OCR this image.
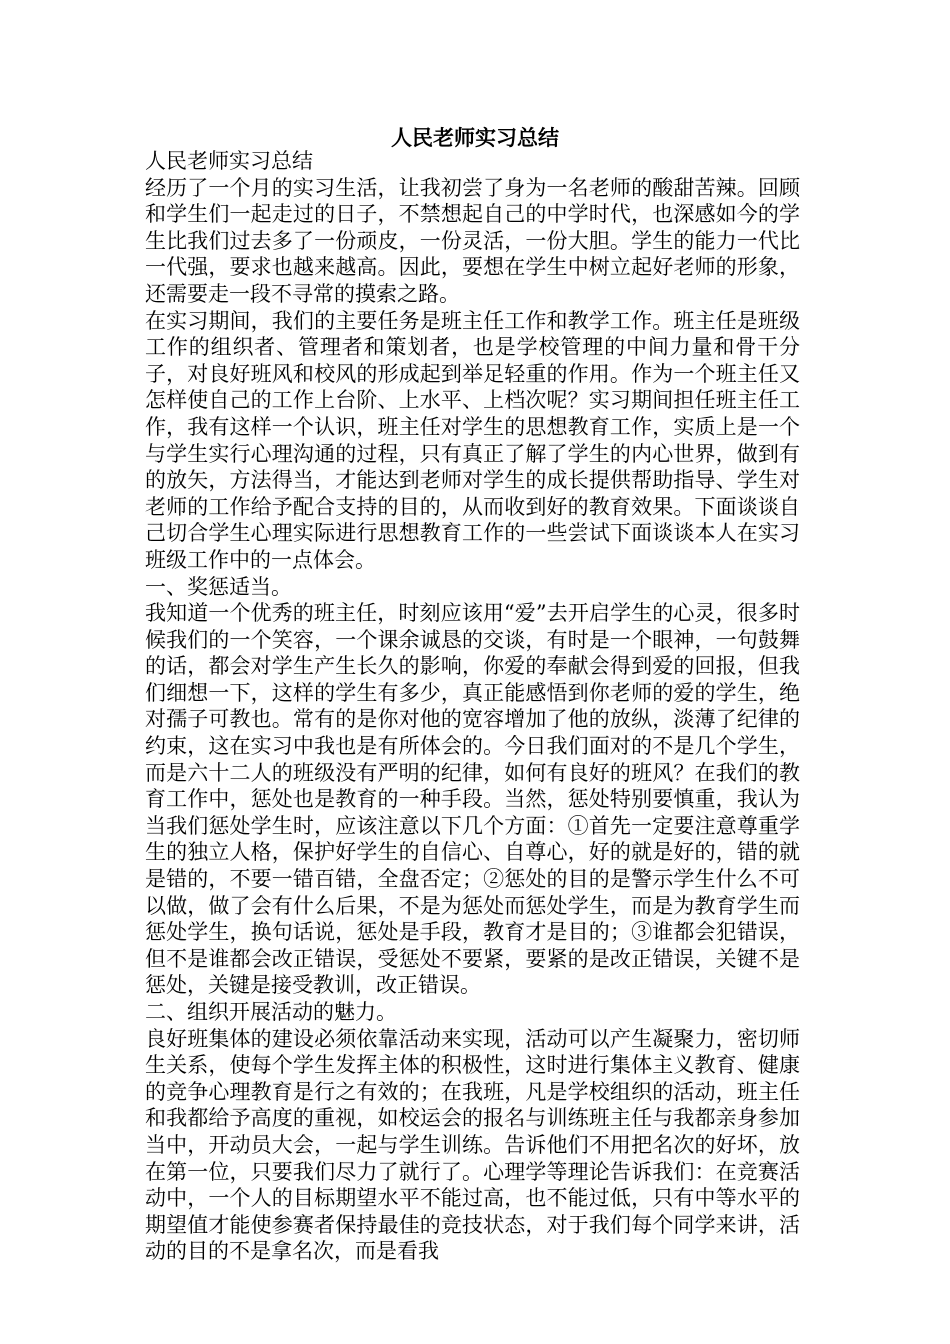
人民老师实习总结

人民老师实习总结

经历了一个月的实习生活，让我初尝了身为一名老师的酸甜苦辣。回顾和学生们一起走过的日子，不禁想起自己的中学时代，也深感如今的学生比我们过去多了一份顽皮，一份灵活，一份大胆。学生的能力一代比一代强，要求也越来越高。因此，要想在学生中树立起好老师的形象，还需要走一段不寻常的摸索之路。

在实习期间，我们的主要任务是班主任工作和教学工作。班主任是班级工作的组织者、管理者和策划者，也是学校管理的中间力量和骨干分子，对良好班风和校风的形成起到举足轻重的作用。作为一个班主任又怎样使自己的工作上台阶、上水平、上档次呢？实习期间担任班主任工作，我有这样一个认识，班主任对学生的思想教育工作，实质上是一个与学生实行心理沟通的过程，只有真正了解了学生的内心世界，做到有的放矢，方法得当，才能达到老师对学生的成长提供帮助指导、学生对老师的工作给予配合支持的目的，从而收到好的教育效果。下面谈谈自己切合学生心理实际进行思想教育工作的一些尝试下面谈谈本人在实习班级工作中的一点体会。

一、奖惩适当。

我知道一个优秀的班主任，时刻应该用“爱”去开启学生的心灵，很多时候我们的一个笑容，一个课余诚恳的交谈，有时是一个眼神，一句鼓舞的话，都会对学生产生长久的影响，你爱的奉献会得到爱的回报，但我们细想一下，这样的学生有多少，真正能感悟到你老师的爱的学生，绝对孺子可教也。常有的是你对他的宽容增加了他的放纵，淡薄了纪律的约束，这在实习中我也是有所体会的。今日我们面对的不是几个学生，而是六十二人的班级没有严明的纪律，如何有良好的班风？在我们的教育工作中，惩处也是教育的一种手段。当然，惩处特别要慎重，我认为当我们惩处学生时，应该注意以下几个方面：①首先一定要注意尊重学生的独立人格，保护好学生的自信心、自尊心，好的就是好的，错的就是错的，不要一错百错，全盘否定；②惩处的目的是警示学生什么不可以做，做了会有什么后果，不是为惩处而惩处学生，而是为教育学生而惩处学生，换句话说，惩处是手段，教育才是目的；③谁都会犯错误，但不是谁都会改正错误，受惩处不要紧，要紧的是改正错误，关键不是惩处，关键是接受教训，改正错误。

二、组织开展活动的魅力。

良好班集体的建设必须依靠活动来实现，活动可以产生凝聚力，密切师生关系，使每个学生发挥主体的积极性，这时进行集体主义教育、健康的竞争心理教育是行之有效的；在我班，凡是学校组织的活动，班主任和我都给予高度的重视，如校运会的报名与训练班主任与我都亲身参加当中，开动员大会，一起与学生训练。告诉他们不用把名次的好坏，放在第一位，只要我们尽力了就行了。心理学等理论告诉我们：在竞赛活动中，一个人的目标期望水平不能过高，也不能过低，只有中等水平的期望值才能使参赛者保持最佳的竞技状态，对于我们每个同学来讲，活动的目的不是拿名次，而是看我
